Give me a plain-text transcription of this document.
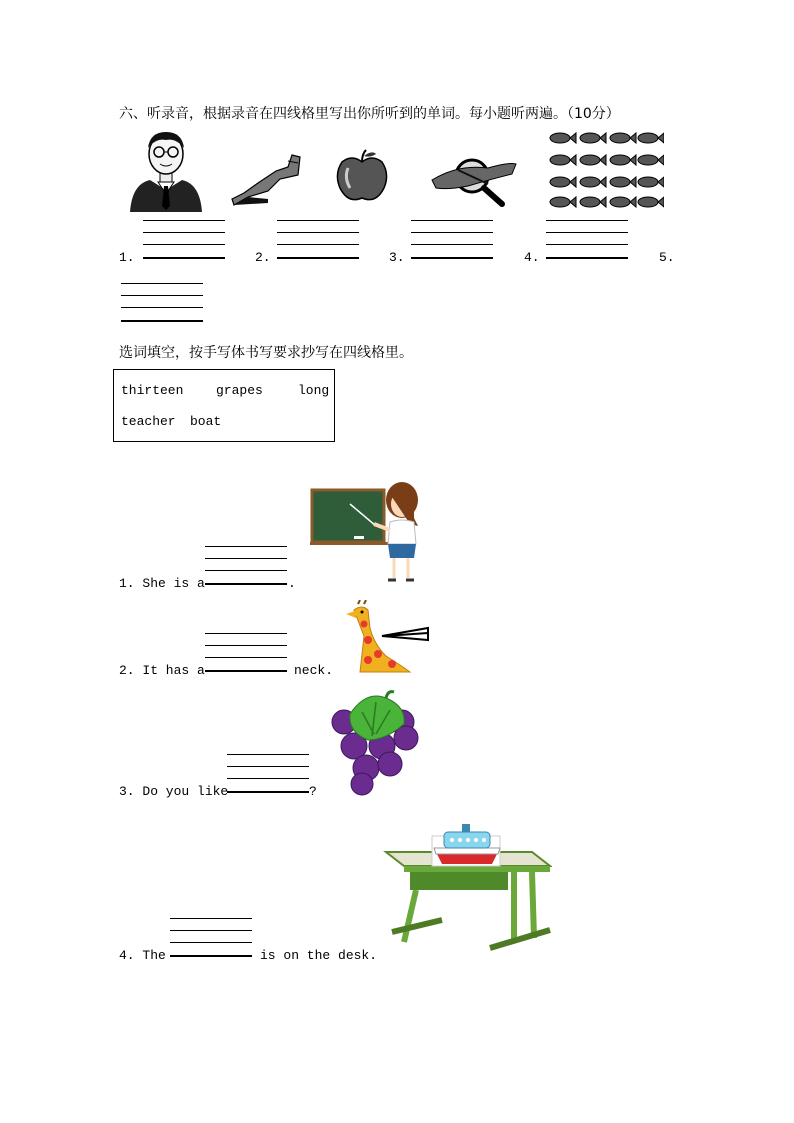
六、听录音，根据录音在四线格里写出你所听到的单词。每小题听两遍。（10分）
1.	2.	3.	4.	5.
选词填空，按手写体书写要求抄写在四线格里。
thirteen	grapes	long
teacher boat
1. She is a	.
2. It has a	neck.
3. Do you like	?
4. The	is on the desk.
